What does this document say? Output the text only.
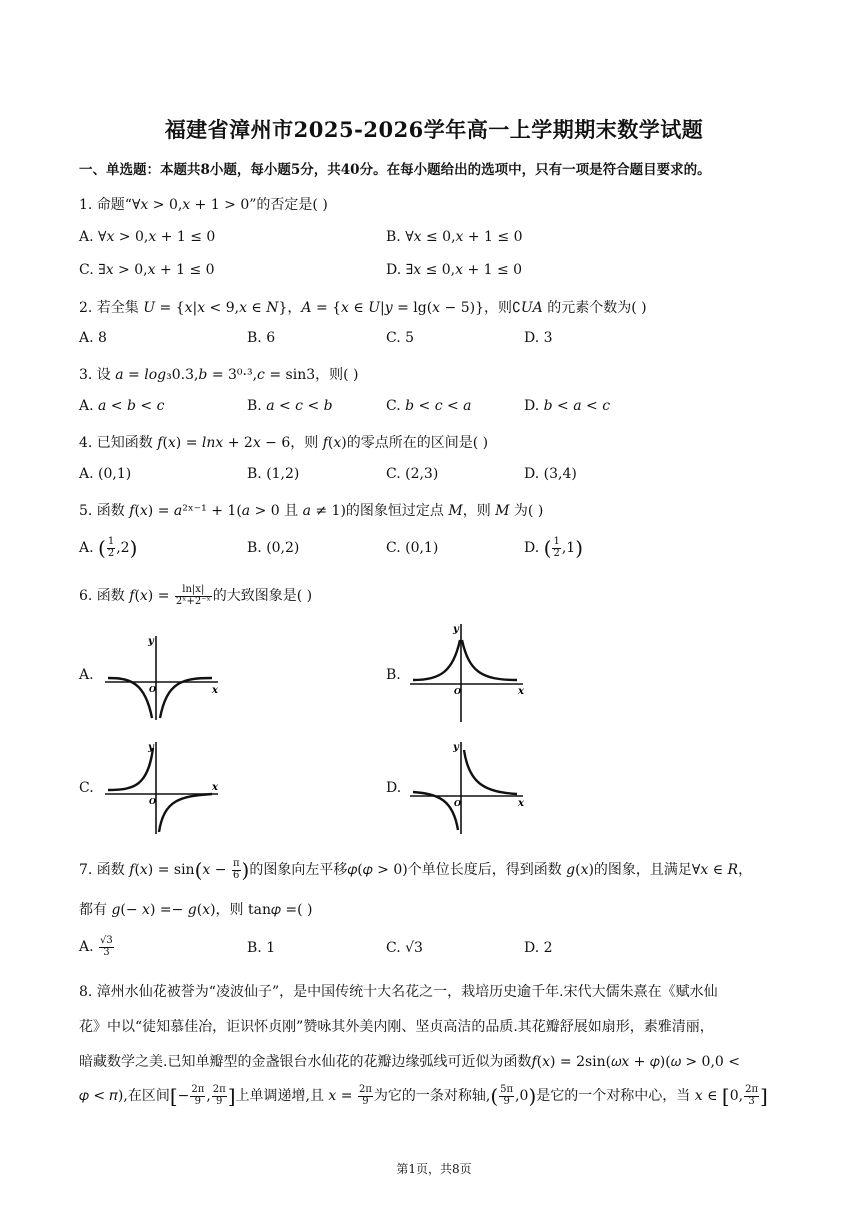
福建省漳州市2025-2026学年高一上学期期末数学试题
一、单选题：本题共8小题，每小题5分，共40分。在每小题给出的选项中，只有一项是符合题目要求的。
1. 命题“∀𝑥 > 0,𝑥 + 1 > 0”的否定是( )
A. ∀𝑥 > 0,𝑥 + 1 ≤ 0	B. ∀𝑥 ≤ 0,𝑥 + 1 ≤ 0
C. ∃𝑥 > 0,𝑥 + 1 ≤ 0	D. ∃𝑥 ≤ 0,𝑥 + 1 ≤ 0
2. 若全集 𝑈 = {𝑥|𝑥 < 9,𝑥 ∈ 𝑁}，𝐴 = {𝑥 ∈ 𝑈|𝑦 = lg(𝑥 − 5)}，则∁𝑈𝐴 的元素个数为( )
A. 8	B. 6	C. 5	D. 3
3. 设 𝑎 = 𝑙𝑜𝑔₃0.3,𝑏 = 3⁰·³,𝑐 = sin3，则( )
A. 𝑎 < 𝑏 < 𝑐	B. 𝑎 < 𝑐 < 𝑏	C. 𝑏 < 𝑐 < 𝑎	D. 𝑏 < 𝑎 < 𝑐
4. 已知函数 𝑓(𝑥) = 𝑙𝑛𝑥 + 2𝑥 − 6，则 𝑓(𝑥)的零点所在的区间是( )
A. (0,1)	B. (1,2)	C. (2,3)	D. (3,4)
5. 函数 𝑓(𝑥) = 𝑎²ˣ⁻¹ + 1(𝑎 > 0 且 𝑎 ≠ 1)的图象恒过定点 𝑀，则 𝑀 为( )
A. ( $\frac{1}{2} ,2$)	B. (0,2)	C. (0,1)	D. ( $\frac{1}{2} ,1$)
6. 函数 𝑓(𝑥) = $\frac{\ln|x|}{\text{2ˣ+2⁻ˣ}}$ 的大致图象是( )
A.
y
x
O
B.
y
x
O
C.
y
x
O
D.
y
x
O
7. 函数 𝑓(𝑥) = $\sin(x - \frac{\pi}{6}$ )的图象向左平移𝜑(𝜑 > 0)个单位长度后，得到函数 𝑔(𝑥)的图象，且满足∀𝑥 ∈ 𝑅，
都有 𝑔(− 𝑥) =− 𝑔(𝑥)，则 tan𝜑 =( )
A. $\frac{√3}{3}$	B. 1	C. √3	D. 2
8. 漳州水仙花被誉为“凌波仙子”，是中国传统十大名花之一，栽培历史逾千年.宋代大儒朱熹在《赋水仙
花》中以“徒知慕佳冶，讵识怀贞刚”赞咏其外美内刚、坚贞高洁的品质.其花瓣舒展如扇形，素雅清丽，
暗藏数学之美.已知单瓣型的金盏银台水仙花的花瓣边缘弧线可近似为函数𝑓(𝑥) = 2sin(𝜔𝑥 + 𝜑)(𝜔 > 0,0 <
𝜑 < 𝜋),在区间[− $\frac{2\pi}{9}$ , $\frac{2\pi}{9}$ ]上单调递增,且 𝑥 = $\frac{2\pi}{9}$ 为它的一条对称轴,( $\frac{5\pi}{9} ,0$)是它的一个对称中心，当 𝑥 ∈ [0, $\frac{2\pi}{3}$ ]
第1页，共8页
